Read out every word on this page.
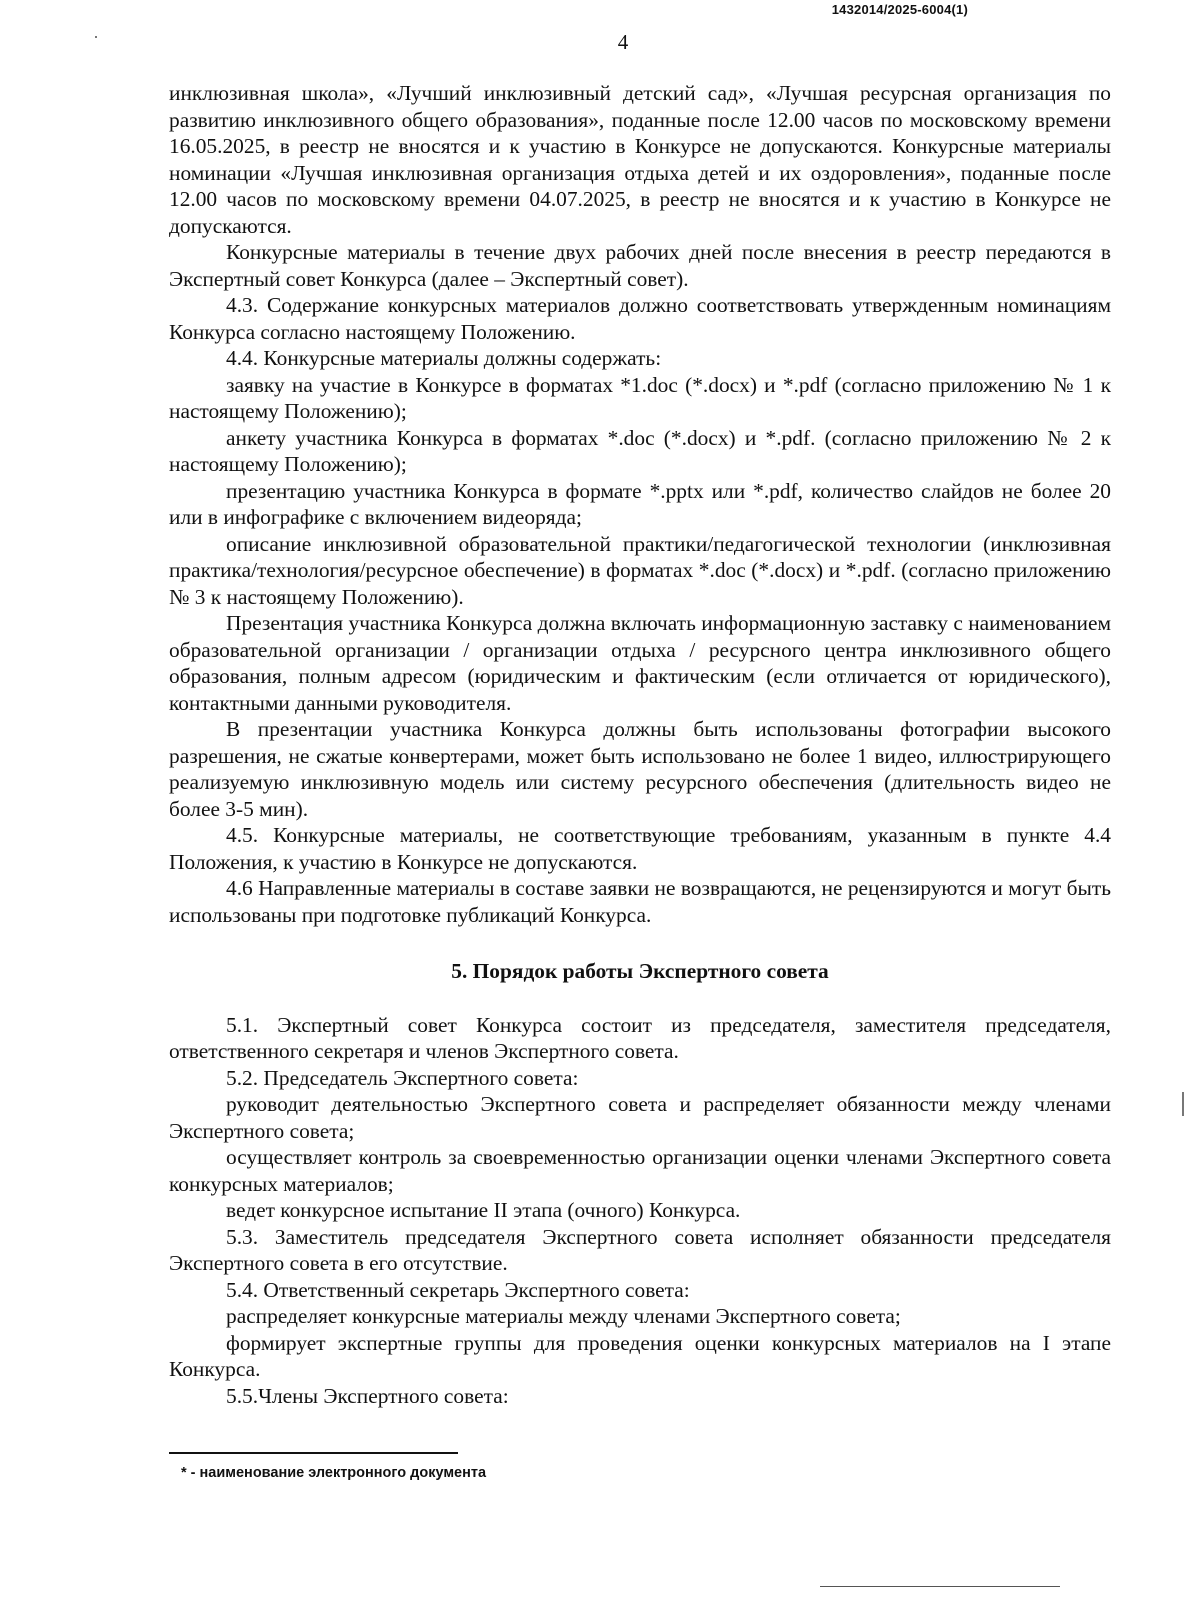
1432014/2025-6004(1)
4

инклюзивная школа», «Лучший инклюзивный детский сад», «Лучшая ресурсная организация по развитию инклюзивного общего образования», поданные после 12.00 часов по московскому времени 16.05.2025, в реестр не вносятся и к участию в Конкурсе не допускаются. Конкурсные материалы номинации «Лучшая инклюзивная организация отдыха детей и их оздоровления», поданные после 12.00 часов по московскому времени 04.07.2025, в реестр не вносятся и к участию в Конкурсе не допускаются.

Конкурсные материалы в течение двух рабочих дней после внесения в реестр передаются в Экспертный совет Конкурса (далее – Экспертный совет).

4.3. Содержание конкурсных материалов должно соответствовать утвержденным номинациям Конкурса согласно настоящему Положению.

4.4. Конкурсные материалы должны содержать:

заявку на участие в Конкурсе в форматах *1.doc (*.docx) и *.pdf (согласно приложению № 1 к настоящему Положению);

анкету участника Конкурса в форматах *.doc (*.docx) и *.pdf. (согласно приложению № 2 к настоящему Положению);

презентацию участника Конкурса в формате *.pptx или *.pdf, количество слайдов не более 20 или в инфографике с включением видеоряда;

описание инклюзивной образовательной практики/педагогической технологии (инклюзивная практика/технология/ресурсное обеспечение) в форматах *.doc (*.docx) и *.pdf. (согласно приложению № 3 к настоящему Положению).

Презентация участника Конкурса должна включать информационную заставку с наименованием образовательной организации / организации отдыха / ресурсного центра инклюзивного общего образования, полным адресом (юридическим и фактическим (если отличается от юридического), контактными данными руководителя.

В презентации участника Конкурса должны быть использованы фотографии высокого разрешения, не сжатые конвертерами, может быть использовано не более 1 видео, иллюстрирующего реализуемую инклюзивную модель или систему ресурсного обеспечения (длительность видео не более 3-5 мин).

4.5. Конкурсные материалы, не соответствующие требованиям, указанным в пункте 4.4 Положения, к участию в Конкурсе не допускаются.

4.6 Направленные материалы в составе заявки не возвращаются, не рецензируются и могут быть использованы при подготовке публикаций Конкурса.

5. Порядок работы Экспертного совета

5.1. Экспертный совет Конкурса состоит из председателя, заместителя председателя, ответственного секретаря и членов Экспертного совета.

5.2. Председатель Экспертного совета:

руководит деятельностью Экспертного совета и распределяет обязанности между членами Экспертного совета;

осуществляет контроль за своевременностью организации оценки членами Экспертного совета конкурсных материалов;

ведет конкурсное испытание II этапа (очного) Конкурса.

5.3. Заместитель председателя Экспертного совета исполняет обязанности председателя Экспертного совета в его отсутствие.

5.4. Ответственный секретарь Экспертного совета:

распределяет конкурсные материалы между членами Экспертного совета;

формирует экспертные группы для проведения оценки конкурсных материалов на I этапе Конкурса.

5.5.Члены Экспертного совета:

* - наименование электронного документа
